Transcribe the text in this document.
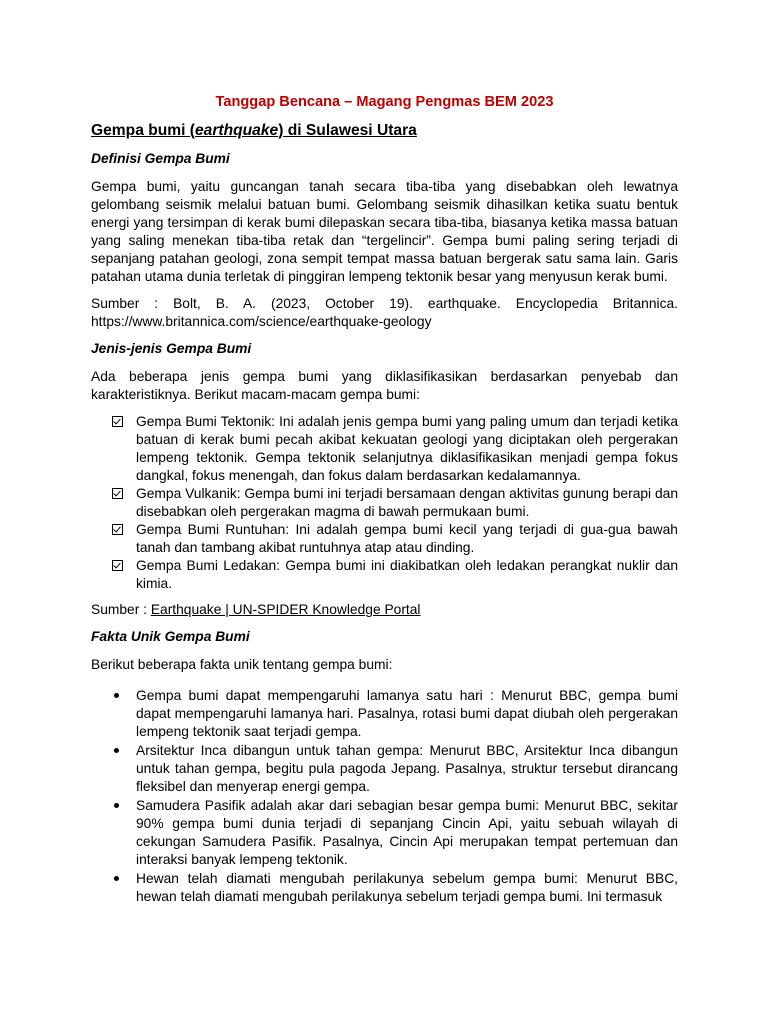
Tanggap Bencana – Magang Pengmas BEM 2023
Gempa bumi (earthquake) di Sulawesi Utara
Definisi Gempa Bumi

Gempa bumi, yaitu guncangan tanah secara tiba-tiba yang disebabkan oleh lewatnya gelombang seismik melalui batuan bumi. Gelombang seismik dihasilkan ketika suatu bentuk energi yang tersimpan di kerak bumi dilepaskan secara tiba-tiba, biasanya ketika massa batuan yang saling menekan tiba-tiba retak dan “tergelincir”. Gempa bumi paling sering terjadi di sepanjang patahan geologi, zona sempit tempat massa batuan bergerak satu sama lain. Garis patahan utama dunia terletak di pinggiran lempeng tektonik besar yang menyusun kerak bumi.

Sumber : Bolt, B. A. (2023, October 19). earthquake. Encyclopedia Britannica. https://www.britannica.com/science/earthquake-geology

Jenis-jenis Gempa Bumi

Ada beberapa jenis gempa bumi yang diklasifikasikan berdasarkan penyebab dan karakteristiknya. Berikut macam-macam gempa bumi:

Gempa Bumi Tektonik: Ini adalah jenis gempa bumi yang paling umum dan terjadi ketika batuan di kerak bumi pecah akibat kekuatan geologi yang diciptakan oleh pergerakan lempeng tektonik. Gempa tektonik selanjutnya diklasifikasikan menjadi gempa fokus dangkal, fokus menengah, dan fokus dalam berdasarkan kedalamannya.
Gempa Vulkanik: Gempa bumi ini terjadi bersamaan dengan aktivitas gunung berapi dan disebabkan oleh pergerakan magma di bawah permukaan bumi.
Gempa Bumi Runtuhan: Ini adalah gempa bumi kecil yang terjadi di gua-gua bawah tanah dan tambang akibat runtuhnya atap atau dinding.
Gempa Bumi Ledakan: Gempa bumi ini diakibatkan oleh ledakan perangkat nuklir dan kimia.

Sumber : Earthquake | UN-SPIDER Knowledge Portal

Fakta Unik Gempa Bumi

Berikut beberapa fakta unik tentang gempa bumi:

Gempa bumi dapat mempengaruhi lamanya satu hari : Menurut BBC, gempa bumi dapat mempengaruhi lamanya hari. Pasalnya, rotasi bumi dapat diubah oleh pergerakan lempeng tektonik saat terjadi gempa.
Arsitektur Inca dibangun untuk tahan gempa: Menurut BBC, Arsitektur Inca dibangun untuk tahan gempa, begitu pula pagoda Jepang. Pasalnya, struktur tersebut dirancang fleksibel dan menyerap energi gempa.
Samudera Pasifik adalah akar dari sebagian besar gempa bumi: Menurut BBC, sekitar 90% gempa bumi dunia terjadi di sepanjang Cincin Api, yaitu sebuah wilayah di cekungan Samudera Pasifik. Pasalnya, Cincin Api merupakan tempat pertemuan dan interaksi banyak lempeng tektonik.
Hewan telah diamati mengubah perilakunya sebelum gempa bumi: Menurut BBC, hewan telah diamati mengubah perilakunya sebelum terjadi gempa bumi. Ini termasuk
